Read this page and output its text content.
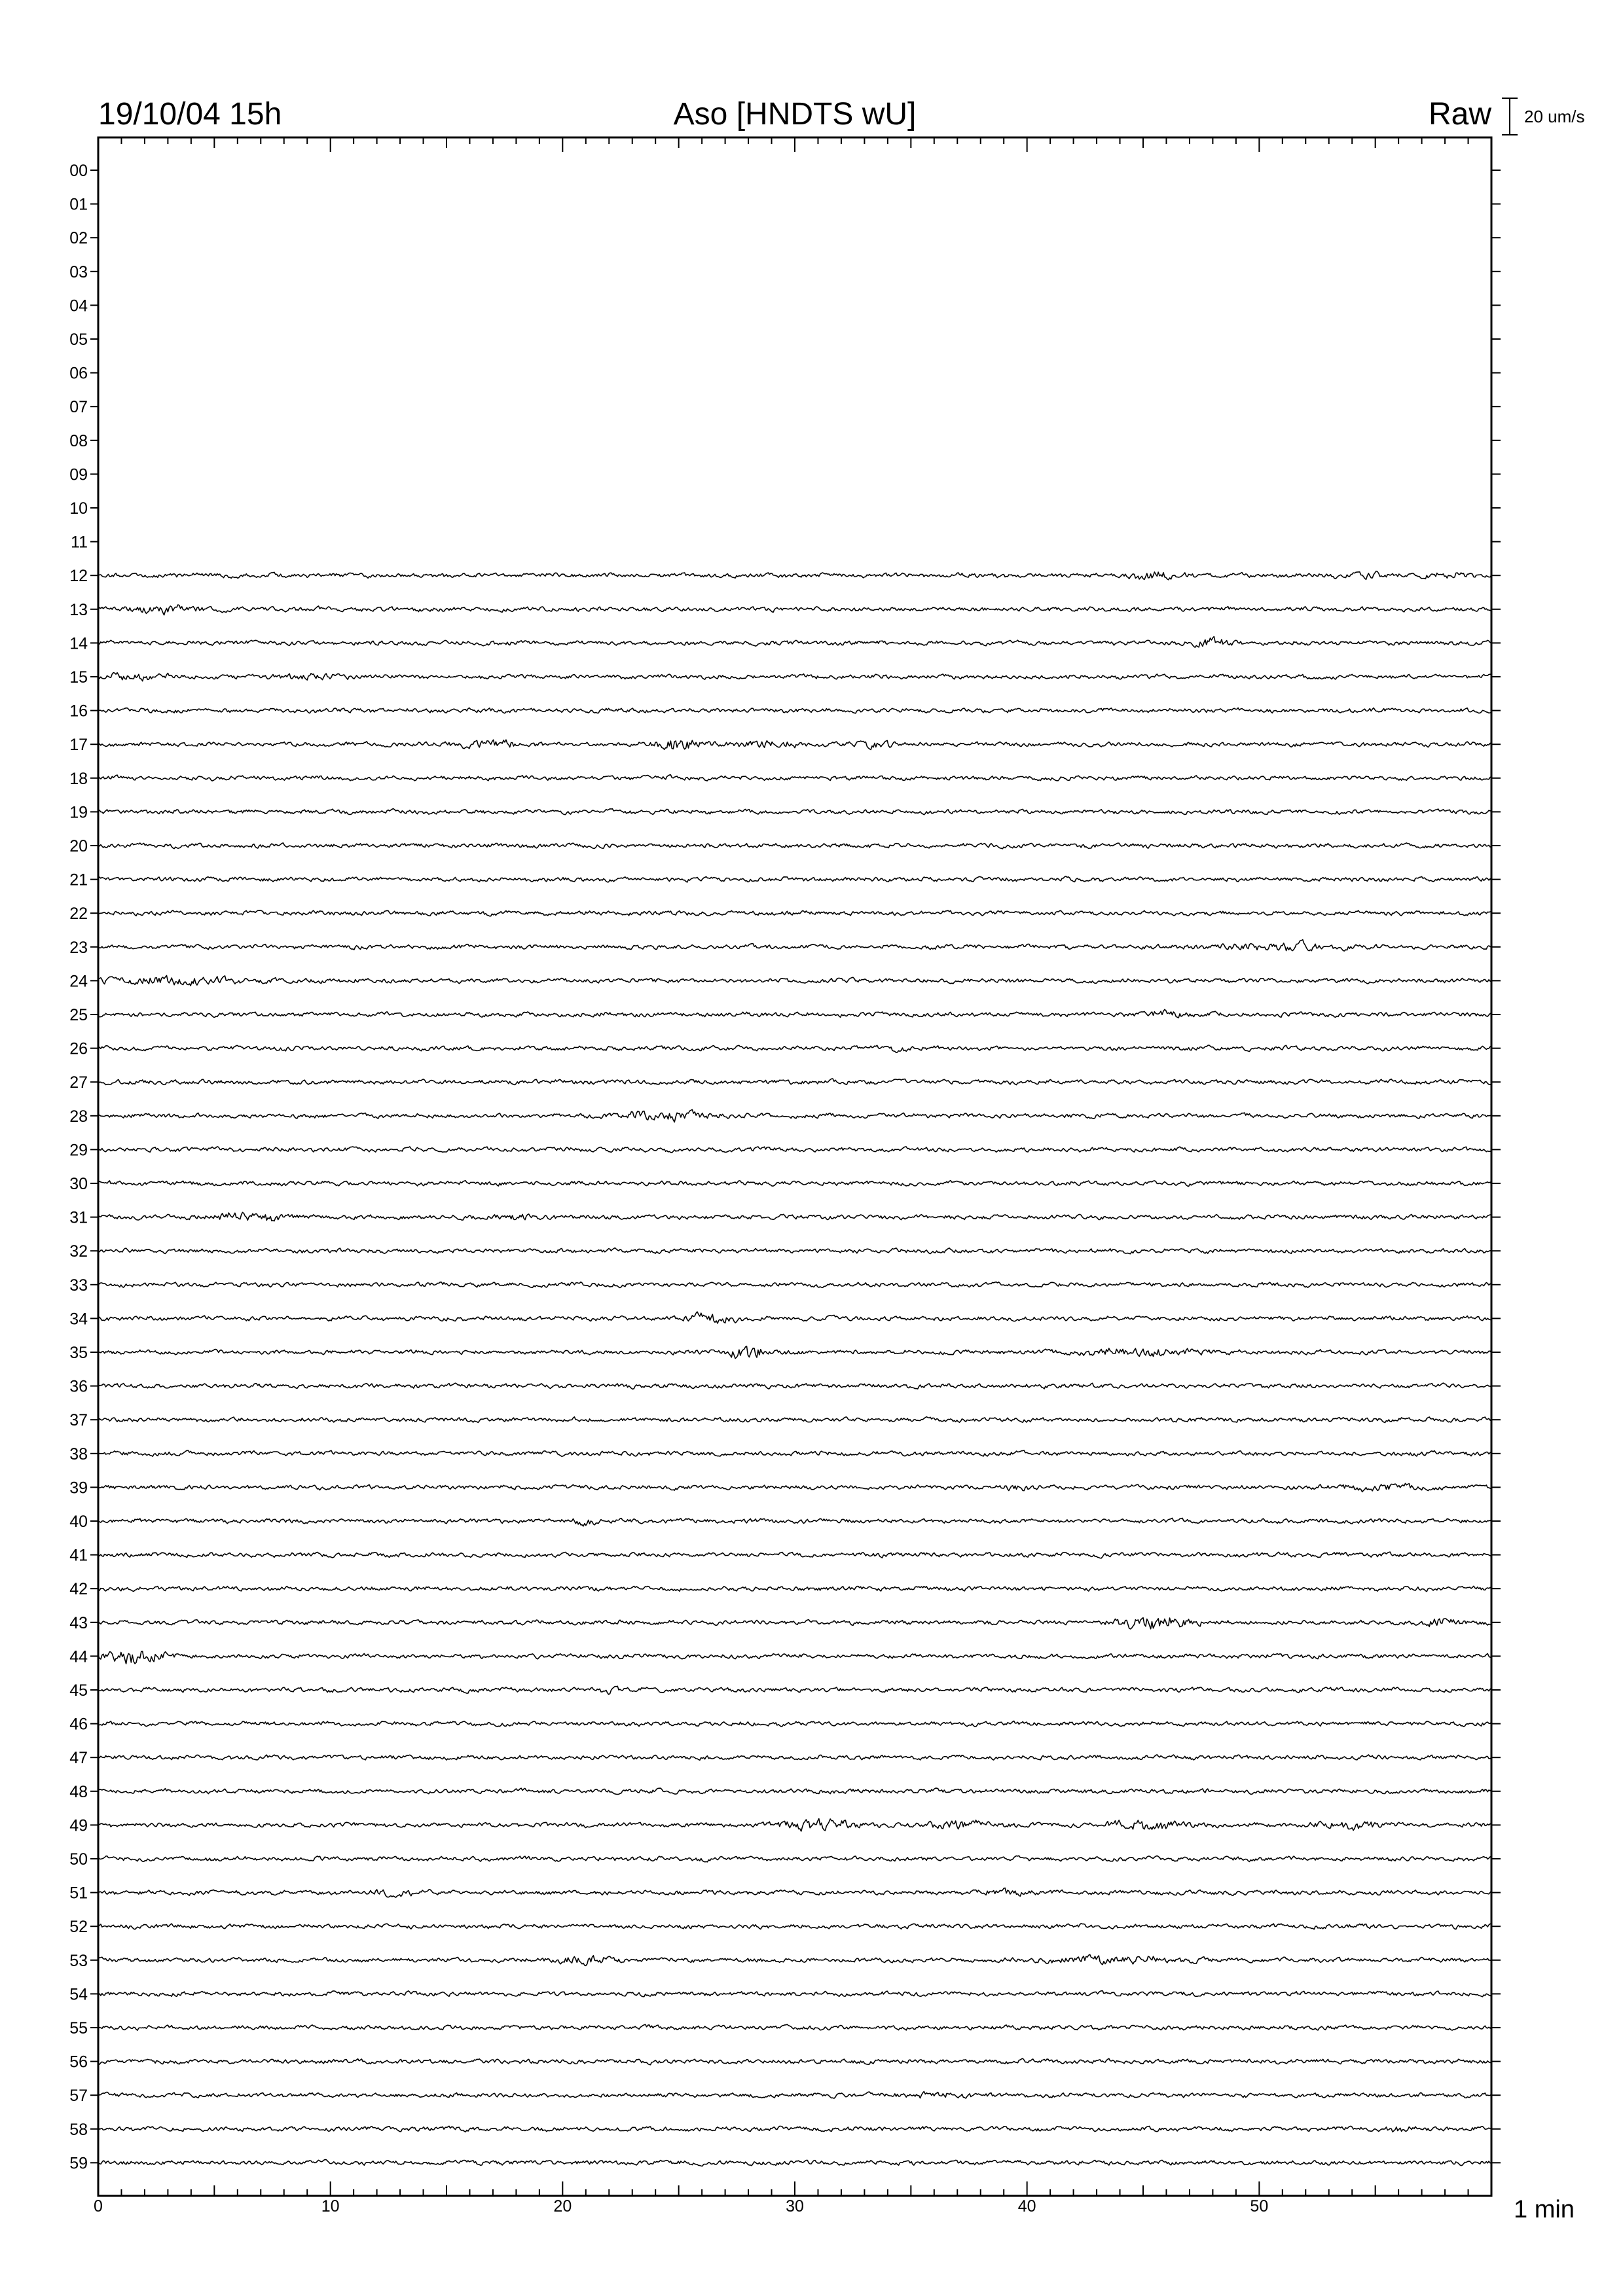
19/10/04 15h	Aso [HNDTS wU]	Raw 20 um/s
00
01
02
03
04
05
06
07
08
09
10
11
12
13
14
15
16
17
18
19
20
21
22
23
24
25
26
27
28
29
30
31
32
33
34
35
36
37
38
39
40
41
42
43
44
45
46
47
48
49
50
51
52
53
54
55
56
57
58
59
0	10	20	30	40	50	1 min
